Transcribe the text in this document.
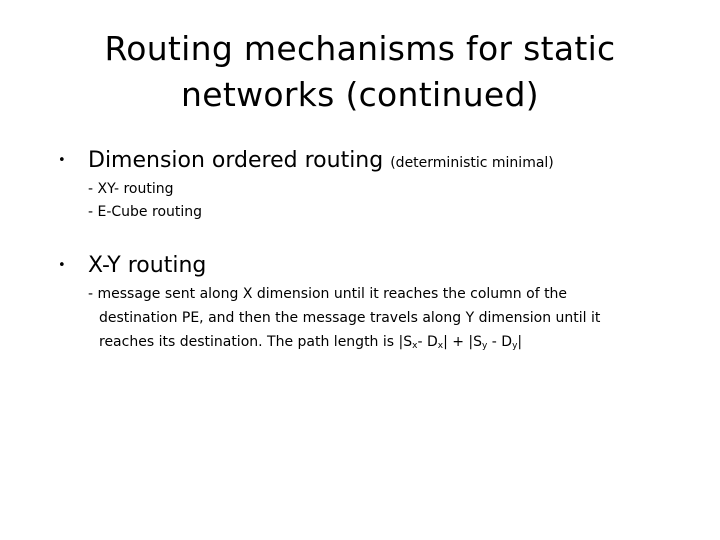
Routing mechanisms for static
networks (continued)
• Dimension ordered routing (deterministic minimal)
- XY- routing
- E-Cube routing
• X-Y routing
- message sent along X dimension until it reaches the column of the
destination PE, and then the message travels along Y dimension until it
reaches its destination. The path length is $|S_x-$ $D_x| + |S_y - D_y|$
